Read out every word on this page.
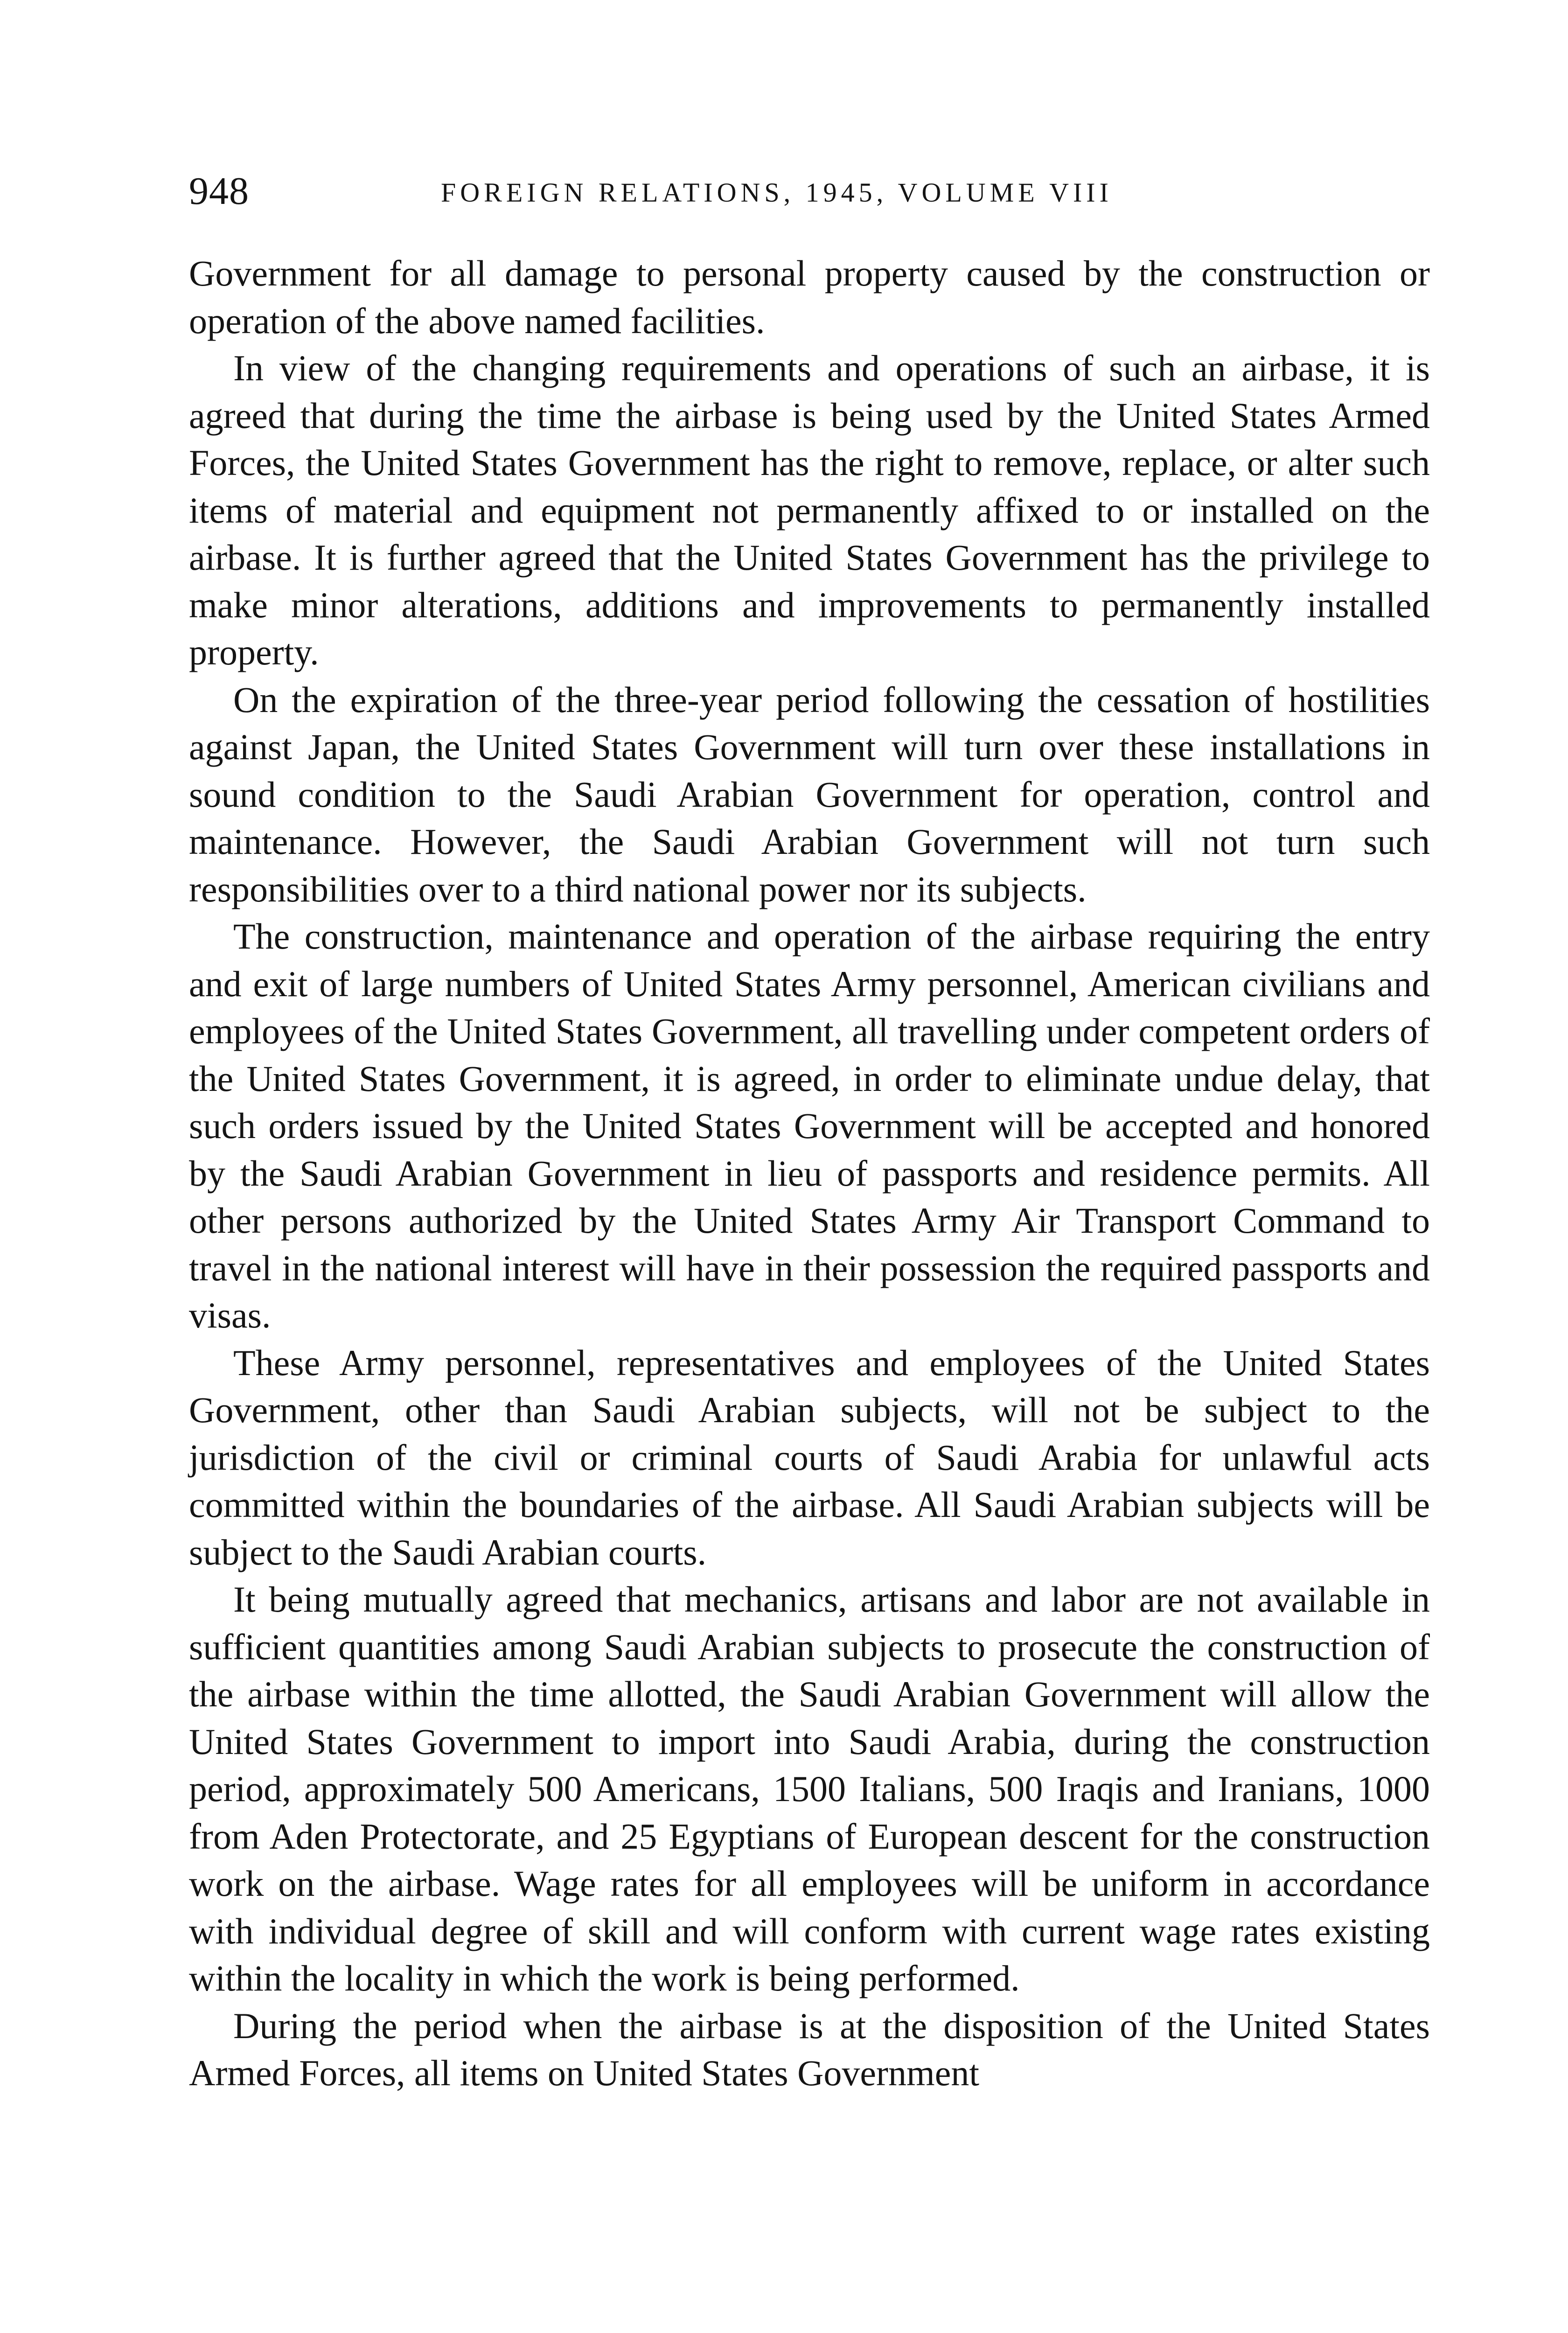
948	FOREIGN RELATIONS, 1945, VOLUME VIII

Government for all damage to personal property caused by the construction or operation of the above named facilities.

In view of the changing requirements and operations of such an airbase, it is agreed that during the time the airbase is being used by the United States Armed Forces, the United States Government has the right to remove, replace, or alter such items of material and equipment not permanently affixed to or installed on the airbase. It is further agreed that the United States Government has the privilege to make minor alterations, additions and improvements to permanently installed property.

On the expiration of the three-year period following the cessation of hostilities against Japan, the United States Government will turn over these installations in sound condition to the Saudi Arabian Government for operation, control and maintenance. However, the Saudi Arabian Government will not turn such responsibilities over to a third national power nor its subjects.

The construction, maintenance and operation of the airbase requiring the entry and exit of large numbers of United States Army personnel, American civilians and employees of the United States Government, all travelling under competent orders of the United States Government, it is agreed, in order to eliminate undue delay, that such orders issued by the United States Government will be accepted and honored by the Saudi Arabian Government in lieu of passports and residence permits. All other persons authorized by the United States Army Air Transport Command to travel in the national interest will have in their possession the required passports and visas.

These Army personnel, representatives and employees of the United States Government, other than Saudi Arabian subjects, will not be subject to the jurisdiction of the civil or criminal courts of Saudi Arabia for unlawful acts committed within the boundaries of the airbase. All Saudi Arabian subjects will be subject to the Saudi Arabian courts.

It being mutually agreed that mechanics, artisans and labor are not available in sufficient quantities among Saudi Arabian subjects to prosecute the construction of the airbase within the time allotted, the Saudi Arabian Government will allow the United States Government to import into Saudi Arabia, during the construction period, approximately 500 Americans, 1500 Italians, 500 Iraqis and Iranians, 1000 from Aden Protectorate, and 25 Egyptians of European descent for the construction work on the airbase. Wage rates for all employees will be uniform in accordance with individual degree of skill and will conform with current wage rates existing within the locality in which the work is being performed.

During the period when the airbase is at the disposition of the United States Armed Forces, all items on United States Government
